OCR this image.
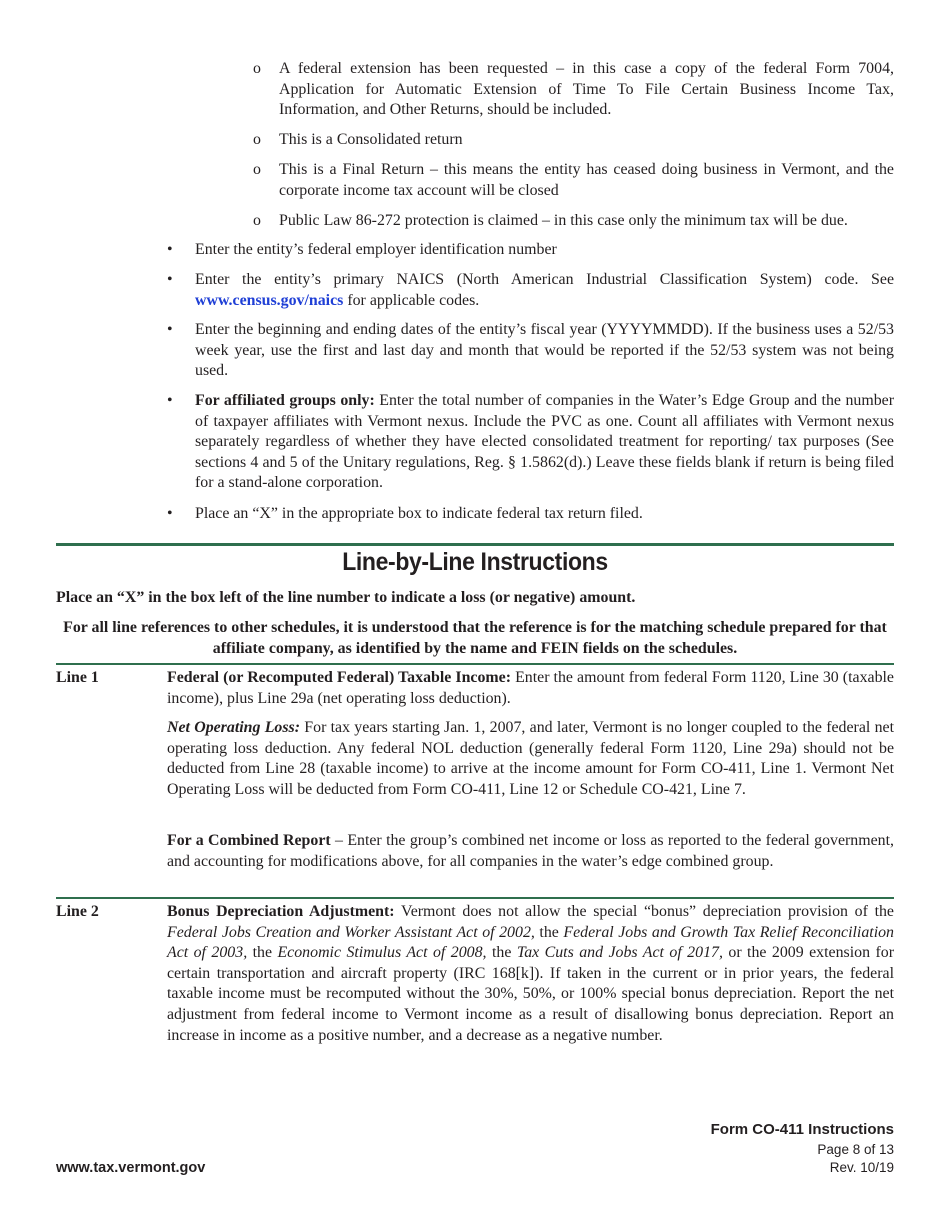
o A federal extension has been requested – in this case a copy of the federal Form 7004, Application for Automatic Extension of Time To File Certain Business Income Tax, Information, and Other Returns, should be included.

o This is a Consolidated return

o This is a Final Return – this means the entity has ceased doing business in Vermont, and the corporate income tax account will be closed

o Public Law 86-272 protection is claimed – in this case only the minimum tax will be due.

• Enter the entity’s federal employer identification number

• Enter the entity’s primary NAICS (North American Industrial Classification System) code. See www.census.gov/naics for applicable codes.

• Enter the beginning and ending dates of the entity’s fiscal year (YYYYMMDD). If the business uses a 52/53 week year, use the first and last day and month that would be reported if the 52/53 system was not being used.

• For affiliated groups only: Enter the total number of companies in the Water’s Edge Group and the number of taxpayer affiliates with Vermont nexus. Include the PVC as one. Count all affiliates with Vermont nexus separately regardless of whether they have elected consolidated treatment for reporting/ tax purposes (See sections 4 and 5 of the Unitary regulations, Reg. § 1.5862(d).) Leave these fields blank if return is being filed for a stand-alone corporation.

• Place an “X” in the appropriate box to indicate federal tax return filed.

Line-by-Line Instructions

Place an “X” in the box left of the line number to indicate a loss (or negative) amount.

For all line references to other schedules, it is understood that the reference is for the matching schedule prepared for that affiliate company, as identified by the name and FEIN fields on the schedules.

Line 1	Federal (or Recomputed Federal) Taxable Income: Enter the amount from federal Form 1120, Line 30 (taxable income), plus Line 29a (net operating loss deduction).

Net Operating Loss: For tax years starting Jan. 1, 2007, and later, Vermont is no longer coupled to the federal net operating loss deduction. Any federal NOL deduction (generally federal Form 1120, Line 29a) should not be deducted from Line 28 (taxable income) to arrive at the income amount for Form CO-411, Line 1. Vermont Net Operating Loss will be deducted from Form CO-411, Line 12 or Schedule CO-421, Line 7.

For a Combined Report – Enter the group’s combined net income or loss as reported to the federal government, and accounting for modifications above, for all companies in the water’s edge combined group.

Line 2	Bonus Depreciation Adjustment: Vermont does not allow the special “bonus” depreciation provision of the Federal Jobs Creation and Worker Assistant Act of 2002, the Federal Jobs and Growth Tax Relief Reconciliation Act of 2003, the Economic Stimulus Act of 2008, the Tax Cuts and Jobs Act of 2017, or the 2009 extension for certain transportation and aircraft property (IRC 168[k]). If taken in the current or in prior years, the federal taxable income must be recomputed without the 30%, 50%, or 100% special bonus depreciation. Report the net adjustment from federal income to Vermont income as a result of disallowing bonus depreciation. Report an increase in income as a positive number, and a decrease as a negative number.

Form CO-411 Instructions
Page 8 of 13
Rev. 10/19
www.tax.vermont.gov
